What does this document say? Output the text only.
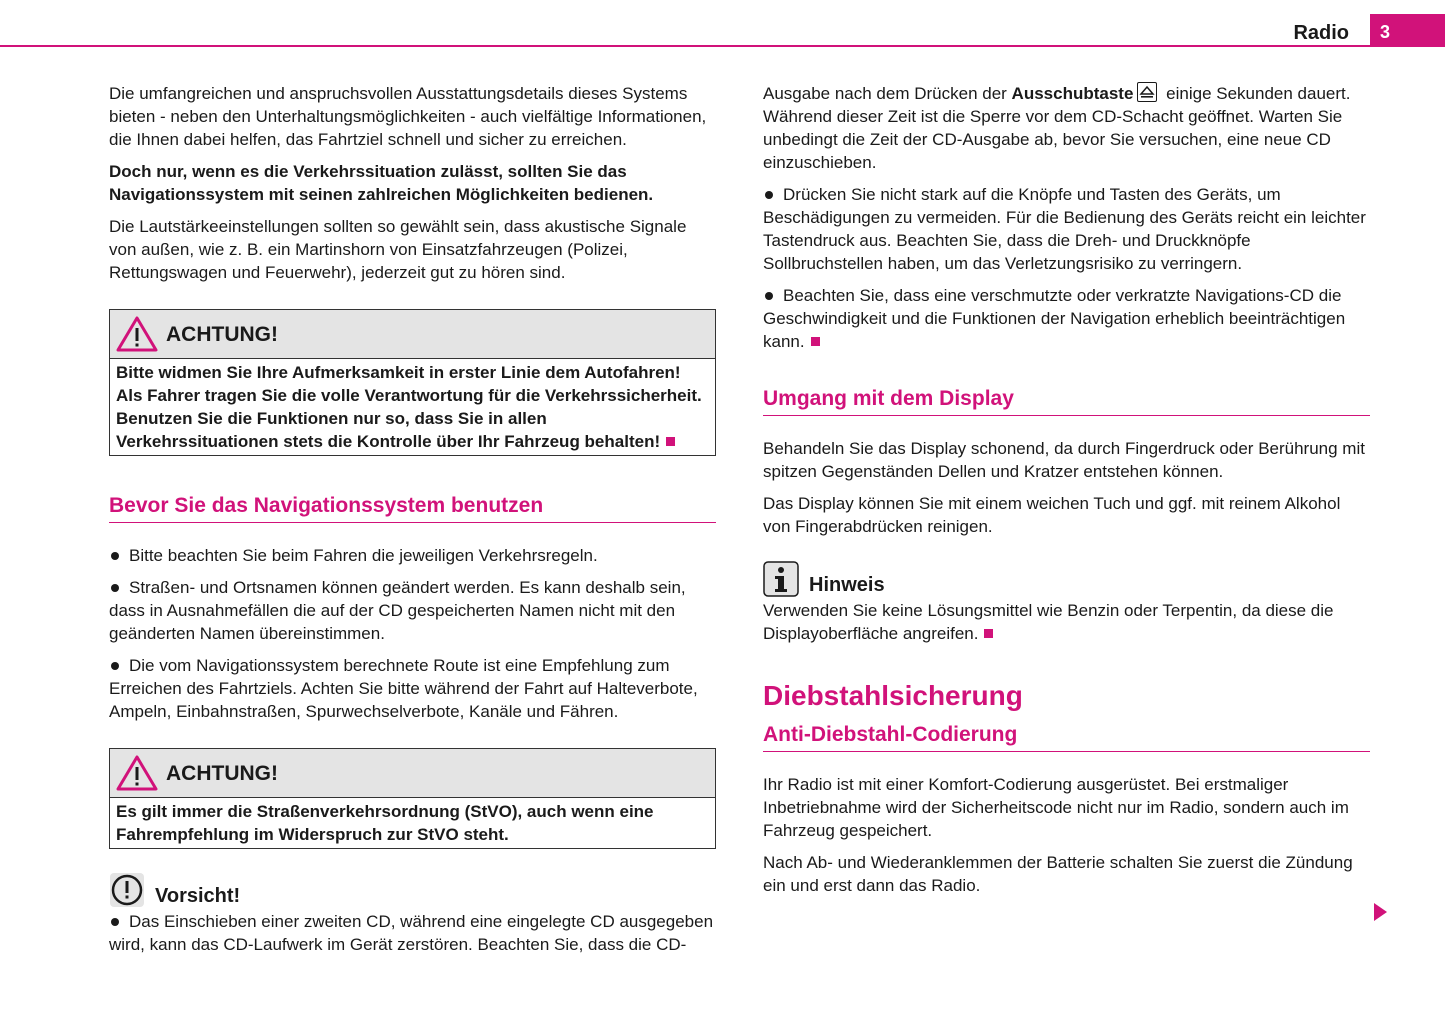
Radio	3

Die umfangreichen und anspruchsvollen Ausstattungsdetails dieses Systems bieten - neben den Unterhaltungsmöglichkeiten - auch vielfältige Informationen, die Ihnen dabei helfen, das Fahrtziel schnell und sicher zu erreichen.

Doch nur, wenn es die Verkehrssituation zulässt, sollten Sie das Navigationssystem mit seinen zahlreichen Möglichkeiten bedienen.

Die Lautstärkeeinstellungen sollten so gewählt sein, dass akustische Signale von außen, wie z. B. ein Martinshorn von Einsatzfahrzeugen (Polizei, Rettungswagen und Feuerwehr), jederzeit gut zu hören sind.

ACHTUNG!
Bitte widmen Sie Ihre Aufmerksamkeit in erster Linie dem Autofahren! Als Fahrer tragen Sie die volle Verantwortung für die Verkehrssicherheit. Benutzen Sie die Funktionen nur so, dass Sie in allen Verkehrssituationen stets die Kontrolle über Ihr Fahrzeug behalten!
Bevor Sie das Navigationssystem benutzen

Bitte beachten Sie beim Fahren die jeweiligen Verkehrsregeln.

Straßen- und Ortsnamen können geändert werden. Es kann deshalb sein, dass in Ausnahmefällen die auf der CD gespeicherten Namen nicht mit den geänderten Namen übereinstimmen.

Die vom Navigationssystem berechnete Route ist eine Empfehlung zum Erreichen des Fahrtziels. Achten Sie bitte während der Fahrt auf Halteverbote, Ampeln, Einbahnstraßen, Spurwechselverbote, Kanäle und Fähren.

ACHTUNG!
Es gilt immer die Straßenverkehrsordnung (StVO), auch wenn eine Fahrempfehlung im Widerspruch zur StVO steht.
Vorsicht!

Das Einschieben einer zweiten CD, während eine eingelegte CD ausgegeben wird, kann das CD-Laufwerk im Gerät zerstören. Beachten Sie, dass die CD-

Ausgabe nach dem Drücken der Ausschubtaste
einige Sekunden dauert. Während dieser Zeit ist die Sperre vor dem CD-Schacht geöffnet. Warten Sie unbedingt die Zeit der CD-Ausgabe ab, bevor Sie versuchen, eine neue CD einzuschieben.

Drücken Sie nicht stark auf die Knöpfe und Tasten des Geräts, um Beschädigungen zu vermeiden. Für die Bedienung des Geräts reicht ein leichter Tastendruck aus. Beachten Sie, dass die Dreh- und Druckknöpfe Sollbruchstellen haben, um das Verletzungsrisiko zu verringern.

Beachten Sie, dass eine verschmutzte oder verkratzte Navigations-CD die Geschwindigkeit und die Funktionen der Navigation erheblich beeinträchtigen kann.

Umgang mit dem Display

Behandeln Sie das Display schonend, da durch Fingerdruck oder Berührung mit spitzen Gegenständen Dellen und Kratzer entstehen können.

Das Display können Sie mit einem weichen Tuch und ggf. mit reinem Alkohol von Fingerabdrücken reinigen.

Hinweis

Verwenden Sie keine Lösungsmittel wie Benzin oder Terpentin, da diese die Displayoberfläche angreifen.

Diebstahlsicherung
Anti-Diebstahl-Codierung

Ihr Radio ist mit einer Komfort-Codierung ausgerüstet. Bei erstmaliger Inbetriebnahme wird der Sicherheitscode nicht nur im Radio, sondern auch im Fahrzeug gespeichert.

Nach Ab- und Wiederanklemmen der Batterie schalten Sie zuerst die Zündung ein und erst dann das Radio.
